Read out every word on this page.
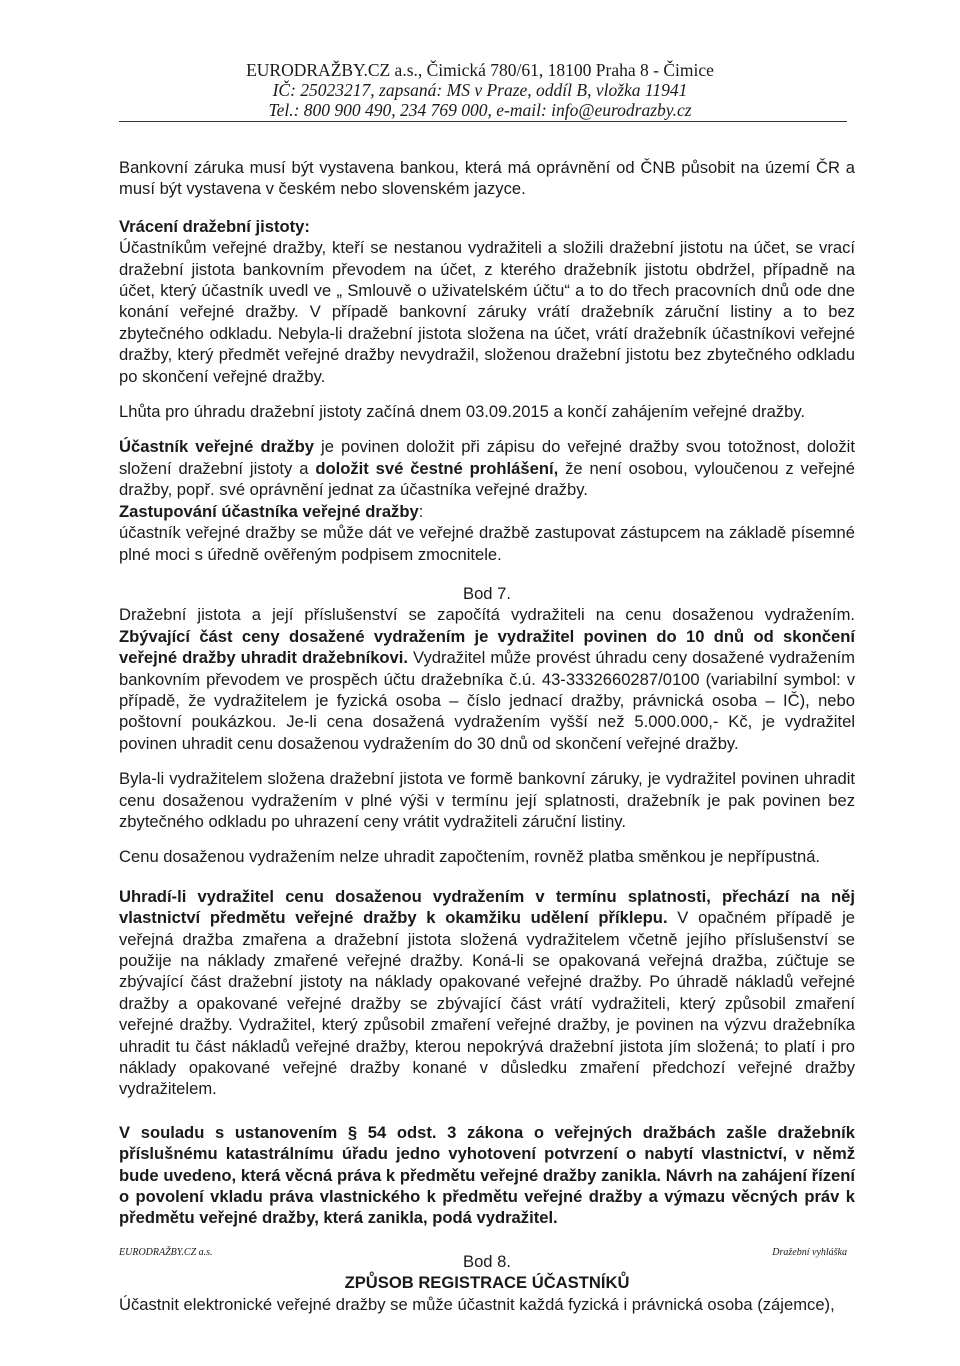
EURODRAŽBY.CZ a.s., Čimická 780/61, 18100 Praha 8 - Čimice
IČ: 25023217, zapsaná: MS v Praze, oddíl B, vložka 11941
Tel.: 800 900 490, 234 769 000, e-mail: info@eurodrazby.cz

Bankovní záruka musí být vystavena bankou, která má oprávnění od ČNB působit na území ČR a musí být vystavena v českém nebo slovenském jazyce.

Vrácení dražební jistoty:
Účastníkům veřejné dražby, kteří se nestanou vydražiteli a složili dražební jistotu na účet, se vrací dražební jistota bankovním převodem na účet, z kterého dražebník jistotu obdržel, případně na účet, který účastník uvedl ve „ Smlouvě o uživatelském účtu“ a to do třech pracovních dnů ode dne konání veřejné dražby. V případě bankovní záruky vrátí dražebník záruční listiny a to bez zbytečného odkladu. Nebyla-li dražební jistota složena na účet, vrátí dražebník účastníkovi veřejné dražby, který předmět veřejné dražby nevydražil, složenou dražební jistotu bez zbytečného odkladu po skončení veřejné dražby.

Lhůta pro úhradu dražební jistoty začíná dnem 03.09.2015 a končí zahájením veřejné dražby.

Účastník veřejné dražby je povinen doložit při zápisu do veřejné dražby svou totožnost, doložit složení dražební jistoty a doložit své čestné prohlášení, že není osobou, vyloučenou z veřejné dražby, popř. své oprávnění jednat za účastníka veřejné dražby.
Zastupování účastníka veřejné dražby:
účastník veřejné dražby se může dát ve veřejné dražbě zastupovat zástupcem na základě písemné plné moci s úředně ověřeným podpisem zmocnitele.

Bod 7.

Dražební jistota a její příslušenství se započítá vydražiteli na cenu dosaženou vydražením. Zbývající část ceny dosažené vydražením je vydražitel povinen do 10 dnů od skončení veřejné dražby uhradit dražebníkovi. Vydražitel může provést úhradu ceny dosažené vydražením bankovním převodem ve prospěch účtu dražebníka č.ú. 43-3332660287/0100 (variabilní symbol: v případě, že vydražitelem je fyzická osoba – číslo jednací dražby, právnická osoba – IČ), nebo poštovní poukázkou. Je-li cena dosažená vydražením vyšší než 5.000.000,- Kč, je vydražitel povinen uhradit cenu dosaženou vydražením do 30 dnů od skončení veřejné dražby.

Byla-li vydražitelem složena dražební jistota ve formě bankovní záruky, je vydražitel povinen uhradit cenu dosaženou vydražením v plné výši v termínu její splatnosti, dražebník je pak povinen bez zbytečného odkladu po uhrazení ceny vrátit vydražiteli záruční listiny.

Cenu dosaženou vydražením nelze uhradit započtením, rovněž platba směnkou je nepřípustná.

Uhradí-li vydražitel cenu dosaženou vydražením v termínu splatnosti, přechází na něj vlastnictví předmětu veřejné dražby k okamžiku udělení příklepu. V opačném případě je veřejná dražba zmařena a dražební jistota složená vydražitelem včetně jejího příslušenství se použije na náklady zmařené veřejné dražby. Koná-li se opakovaná veřejná dražba, zúčtuje se zbývající část dražební jistoty na náklady opakované veřejné dražby. Po úhradě nákladů veřejné dražby a opakované veřejné dražby se zbývající část vrátí vydražiteli, který způsobil zmaření veřejné dražby. Vydražitel, který způsobil zmaření veřejné dražby, je povinen na výzvu dražebníka uhradit tu část nákladů veřejné dražby, kterou nepokrývá dražební jistota jím složená; to platí i pro náklady opakované veřejné dražby konané v důsledku zmaření předchozí veřejné dražby vydražitelem.

V souladu s ustanovením § 54 odst. 3 zákona o veřejných dražbách zašle dražebník příslušnému katastrálnímu úřadu jedno vyhotovení potvrzení o nabytí vlastnictví, v němž bude uvedeno, která věcná práva k předmětu veřejné dražby zanikla. Návrh na zahájení řízení o povolení vkladu práva vlastnického k předmětu veřejné dražby a výmazu věcných práv k předmětu veřejné dražby, která zanikla, podá vydražitel.

Bod 8.

ZPŮSOB REGISTRACE ÚČASTNÍKŮ

Účastnit elektronické veřejné dražby se může účastnit každá fyzická i právnická osoba (zájemce),

EURODRAŽBY.CZ a.s.	Dražební vyhláška
